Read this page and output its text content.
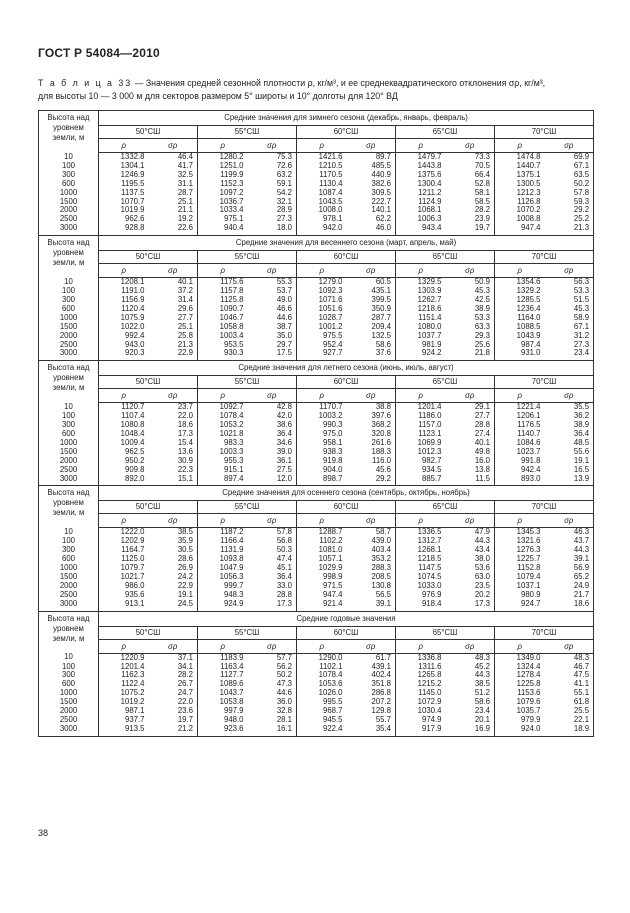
ГОСТ Р 54084—2010
Т а б л и ц а 33 — Значения средней сезонной плотности ρ, кг/м³, и ее среднеквадратического отклонения σρ, кг/м³,
для высоты 10 — 3 000 м для секторов размером 5° широты и 10° долготы для 120° ВД
Высота над уровнем земли, м	Средние значения для зимнего сезона (декабрь, январь, февраль)									
	50°СШ		55°СШ		60°СШ		65°СШ		70°СШ	
	ρ	σρ	ρ	σρ	ρ	σρ	ρ	σρ	ρ	σρ
10	1332.8	46.4	1280.2	75.3	1421.6	89.7	1479.7	73.3	1474.8	69.9
100	1304.1	41.7	1251.0	72.6	1210.5	485.5	1443.8	70.5	1440.7	67.1
300	1246.9	32.5	1199.9	63.2	1170.5	440.9	1375.6	66.4	1375.1	63.5
600	1195.5	31.1	1152.3	59.1	1130.4	382.6	1300.4	52.8	1300.5	50.2
1000	1137.5	28.7	1097.2	54.2	1087.4	309.5	1211.2	58.1	1212.3	57.8
1500	1070.7	25.1	1036.7	32.1	1043.5	222.7	1124.9	58.5	1126.8	59.3
2000	1019.9	21.1	1033.4	28.9	1008.0	140.1	1068.1	28.2	1070.2	29.2
2500	962.6	19.2	975.1	27.3	978.1	62.2	1006.3	23.9	1008.8	25.2
3000	928.8	22.6	940.4	18.0	942.0	46.0	943.4	19.7	947.4	21.3
Высота над уровнем земли, м	Средние значения для весеннего сезона (март, апрель, май)									
	50°СШ		55°СШ		60°СШ		65°СШ		70°СШ	
	ρ	σρ	ρ	σρ	ρ	σρ	ρ	σρ	ρ	σρ
10	1208.1	40.1	1175.6	55.3	1279.0	60.5	1329.5	50.9	1354.6	56.3
100	1191.0	37.2	1157.8	53.7	1092.3	435.1	1303.9	45.3	1329.2	53.3
300	1156.9	31.4	1125.8	49.0	1071.6	399.5	1262.7	42.5	1285.5	51.5
600	1120.4	29.6	1090.7	46.6	1051.6	350.9	1218.6	38.9	1236.4	45.3
1000	1075.9	27.7	1046.7	44.6	1028.7	287.7	1151.4	53.3	1164.0	58.9
1500	1022.0	25.1	1058.8	38.7	1001.2	209.4	1080.0	63.3	1088.5	67.1
2000	992.4	25.8	1003.4	35.0	975.5	132.5	1037.7	29.3	1043.9	31.2
2500	943.0	21.3	953.5	29.7	952.4	58.6	981.9	25.6	987.4	27.3
3000	920.3	22.9	930.3	17.5	927.7	37.6	924.2	21.8	931.0	23.4
Высота над уровнем земли, м	Средние значения для летнего сезона (июнь, июль, август)									
	50°СШ		55°СШ		60°СШ		65°СШ		70°СШ	
	ρ	σρ	ρ	σρ	ρ	σρ	ρ	σρ	ρ	σρ
10	1120.7	23.7	1092.7	42.8	1170.7	38.8	1201.4	29.1	1221.4	35.5
100	1107.4	22.0	1078.4	42.0	1003.2	397.6	1186.0	27.7	1206.1	36.2
300	1080.8	18.6	1053.2	38.6	990.3	368.2	1157.0	28.8	1176.5	38.9
600	1048.4	17.3	1021.8	36.4	975.0	320.8	1123.1	27.4	1140.7	36.4
1000	1009.4	15.4	983.3	34.6	958.1	261.6	1069.9	40.1	1084.6	48.5
1500	962.5	13.6	1003.3	39.0	938.3	188.3	1012.3	49.8	1023.7	55.6
2000	950.2	30.9	955.3	36.1	919.8	116.0	982.7	16.0	991.8	19.1
2500	909.8	22.3	915.1	27.5	904.0	45.6	934.5	13.8	942.4	16.5
3000	892.0	15.1	897.4	12.0	898.7	29.2	885.7	11.5	893.0	13.9
Высота над уровнем земли, м	Средние значения для осеннего сезона (сентябрь, октябрь, ноябрь)									
	50°СШ		55°СШ		60°СШ		65°СШ		70°СШ	
	ρ	σρ	ρ	σρ	ρ	σρ	ρ	σρ	ρ	σρ
10	1222.0	38.5	1187.2	57.8	1288.7	58.7	1336.5	47.9	1345.3	46.3
100	1202.9	35.9	1166.4	56.8	1102.2	439.0	1312.7	44.3	1321.6	43.7
300	1164.7	30.5	1131.9	50.3	1081.0	403.4	1268.1	43.4	1276.3	44.3
600	1125.0	28.6	1093.8	47.4	1057.1	353.2	1218.5	38.0	1225.7	39.1
1000	1079.7	26.9	1047.9	45.1	1029.9	288.3	1147.5	53.6	1152.8	56.9
1500	1021.7	24.2	1056.3	36.4	998.9	208.5	1074.5	63.0	1079.4	65.2
2000	986.0	22.9	999.7	33.0	971.5	130.8	1033.0	23.5	1037.1	24.9
2500	935.6	19.1	948.3	28.8	947.4	56.5	976.9	20.2	980.9	21.7
3000	913.1	24.5	924.9	17.3	921.4	39.1	918.4	17.3	924.7	18.6
Высота над уровнем земли, м	Средние годовые значения									
	50°СШ		55°СШ		60°СШ		65°СШ		70°СШ	
	ρ	σρ	ρ	σρ	ρ	σρ	ρ	σρ	ρ	σρ
10	1220.9	37.1	1183.9	57.7	1290.0	61.7	1336.8	48.3	1349.0	48.3
100	1201.4	34.1	1163.4	56.2	1102.1	439.1	1311.6	45.2	1324.4	46.7
300	1162.3	28.2	1127.7	50.2	1078.4	402.4	1265.8	44.3	1278.4	47.5
600	1122.4	26.7	1089.6	47.3	1053.6	351.8	1215.2	38.5	1225.8	41.1
1000	1075.2	24.7	1043.7	44.6	1026.0	286.8	1145.0	51.2	1153.6	55.1
1500	1019.2	22.0	1053.8	36.0	995.5	207.2	1072.9	58.6	1079.6	61.8
2000	987.1	23.6	997.9	32.8	968.7	129.8	1030.4	23.4	1035.7	25.5
2500	937.7	19.7	948.0	28.1	945.5	55.7	974.9	20.1	979.9	22.1
3000	913.5	21.2	923.6	16.1	922.4	35.4	917.9	16.9	924.0	18.9
38
